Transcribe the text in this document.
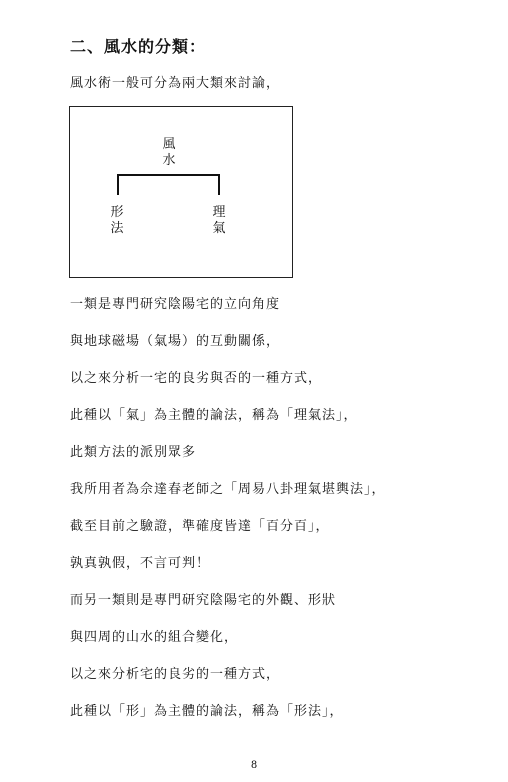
二、風水的分類：
風水術一般可分為兩大類來討論，
風水
形法
理氣
一類是專門研究陰陽宅的立向角度
與地球磁場（氣場）的互動關係，
以之來分析一宅的良劣與否的一種方式，
此種以「氣」為主體的論法，稱為「理氣法」，
此類方法的派別眾多
我所用者為佘達春老師之「周易八卦理氣堪輿法」，
截至目前之驗證，準確度皆達「百分百」，
孰真孰假，不言可判！
而另一類則是專門研究陰陽宅的外觀、形狀
與四周的山水的組合變化，
以之來分析宅的良劣的一種方式，
此種以「形」為主體的論法，稱為「形法」，
8
